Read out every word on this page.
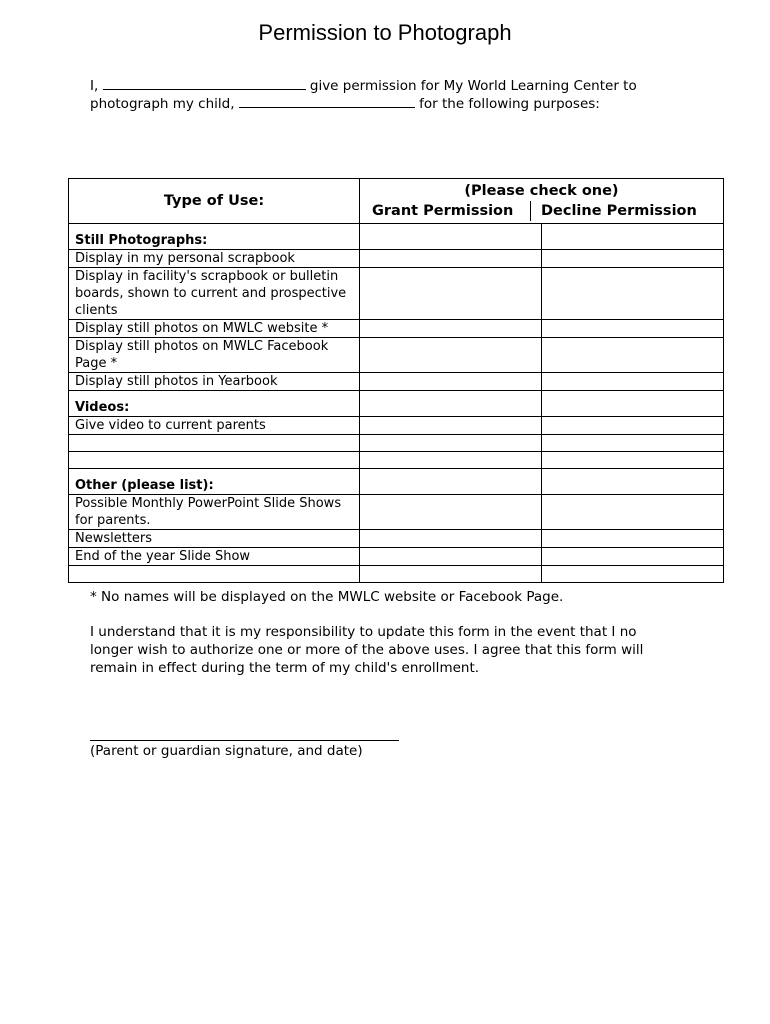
Permission to Photograph
I,	give permission for My World Learning Center to
photograph my child,	for the following purposes:
Type of Use:	(Please check one)
Grant Permission Decline Permission	

Still Photographs:		
Display in my personal scrapbook		
Display in facility's scrapbook or bulletin boards, shown to current and prospective clients		
Display still photos on MWLC website *		
Display still photos on MWLC Facebook Page *		
Display still photos in Yearbook		
Videos:		
Give video to current parents		

Other (please list):		
Possible Monthly PowerPoint Slide Shows for parents.		
Newsletters		
End of the year Slide Show		

* No names will be displayed on the MWLC website or Facebook Page.
I understand that it is my responsibility to update this form in the event that I no longer wish to authorize one or more of the above uses. I agree that this form will remain in effect during the term of my child's enrollment.
(Parent or guardian signature, and date)
